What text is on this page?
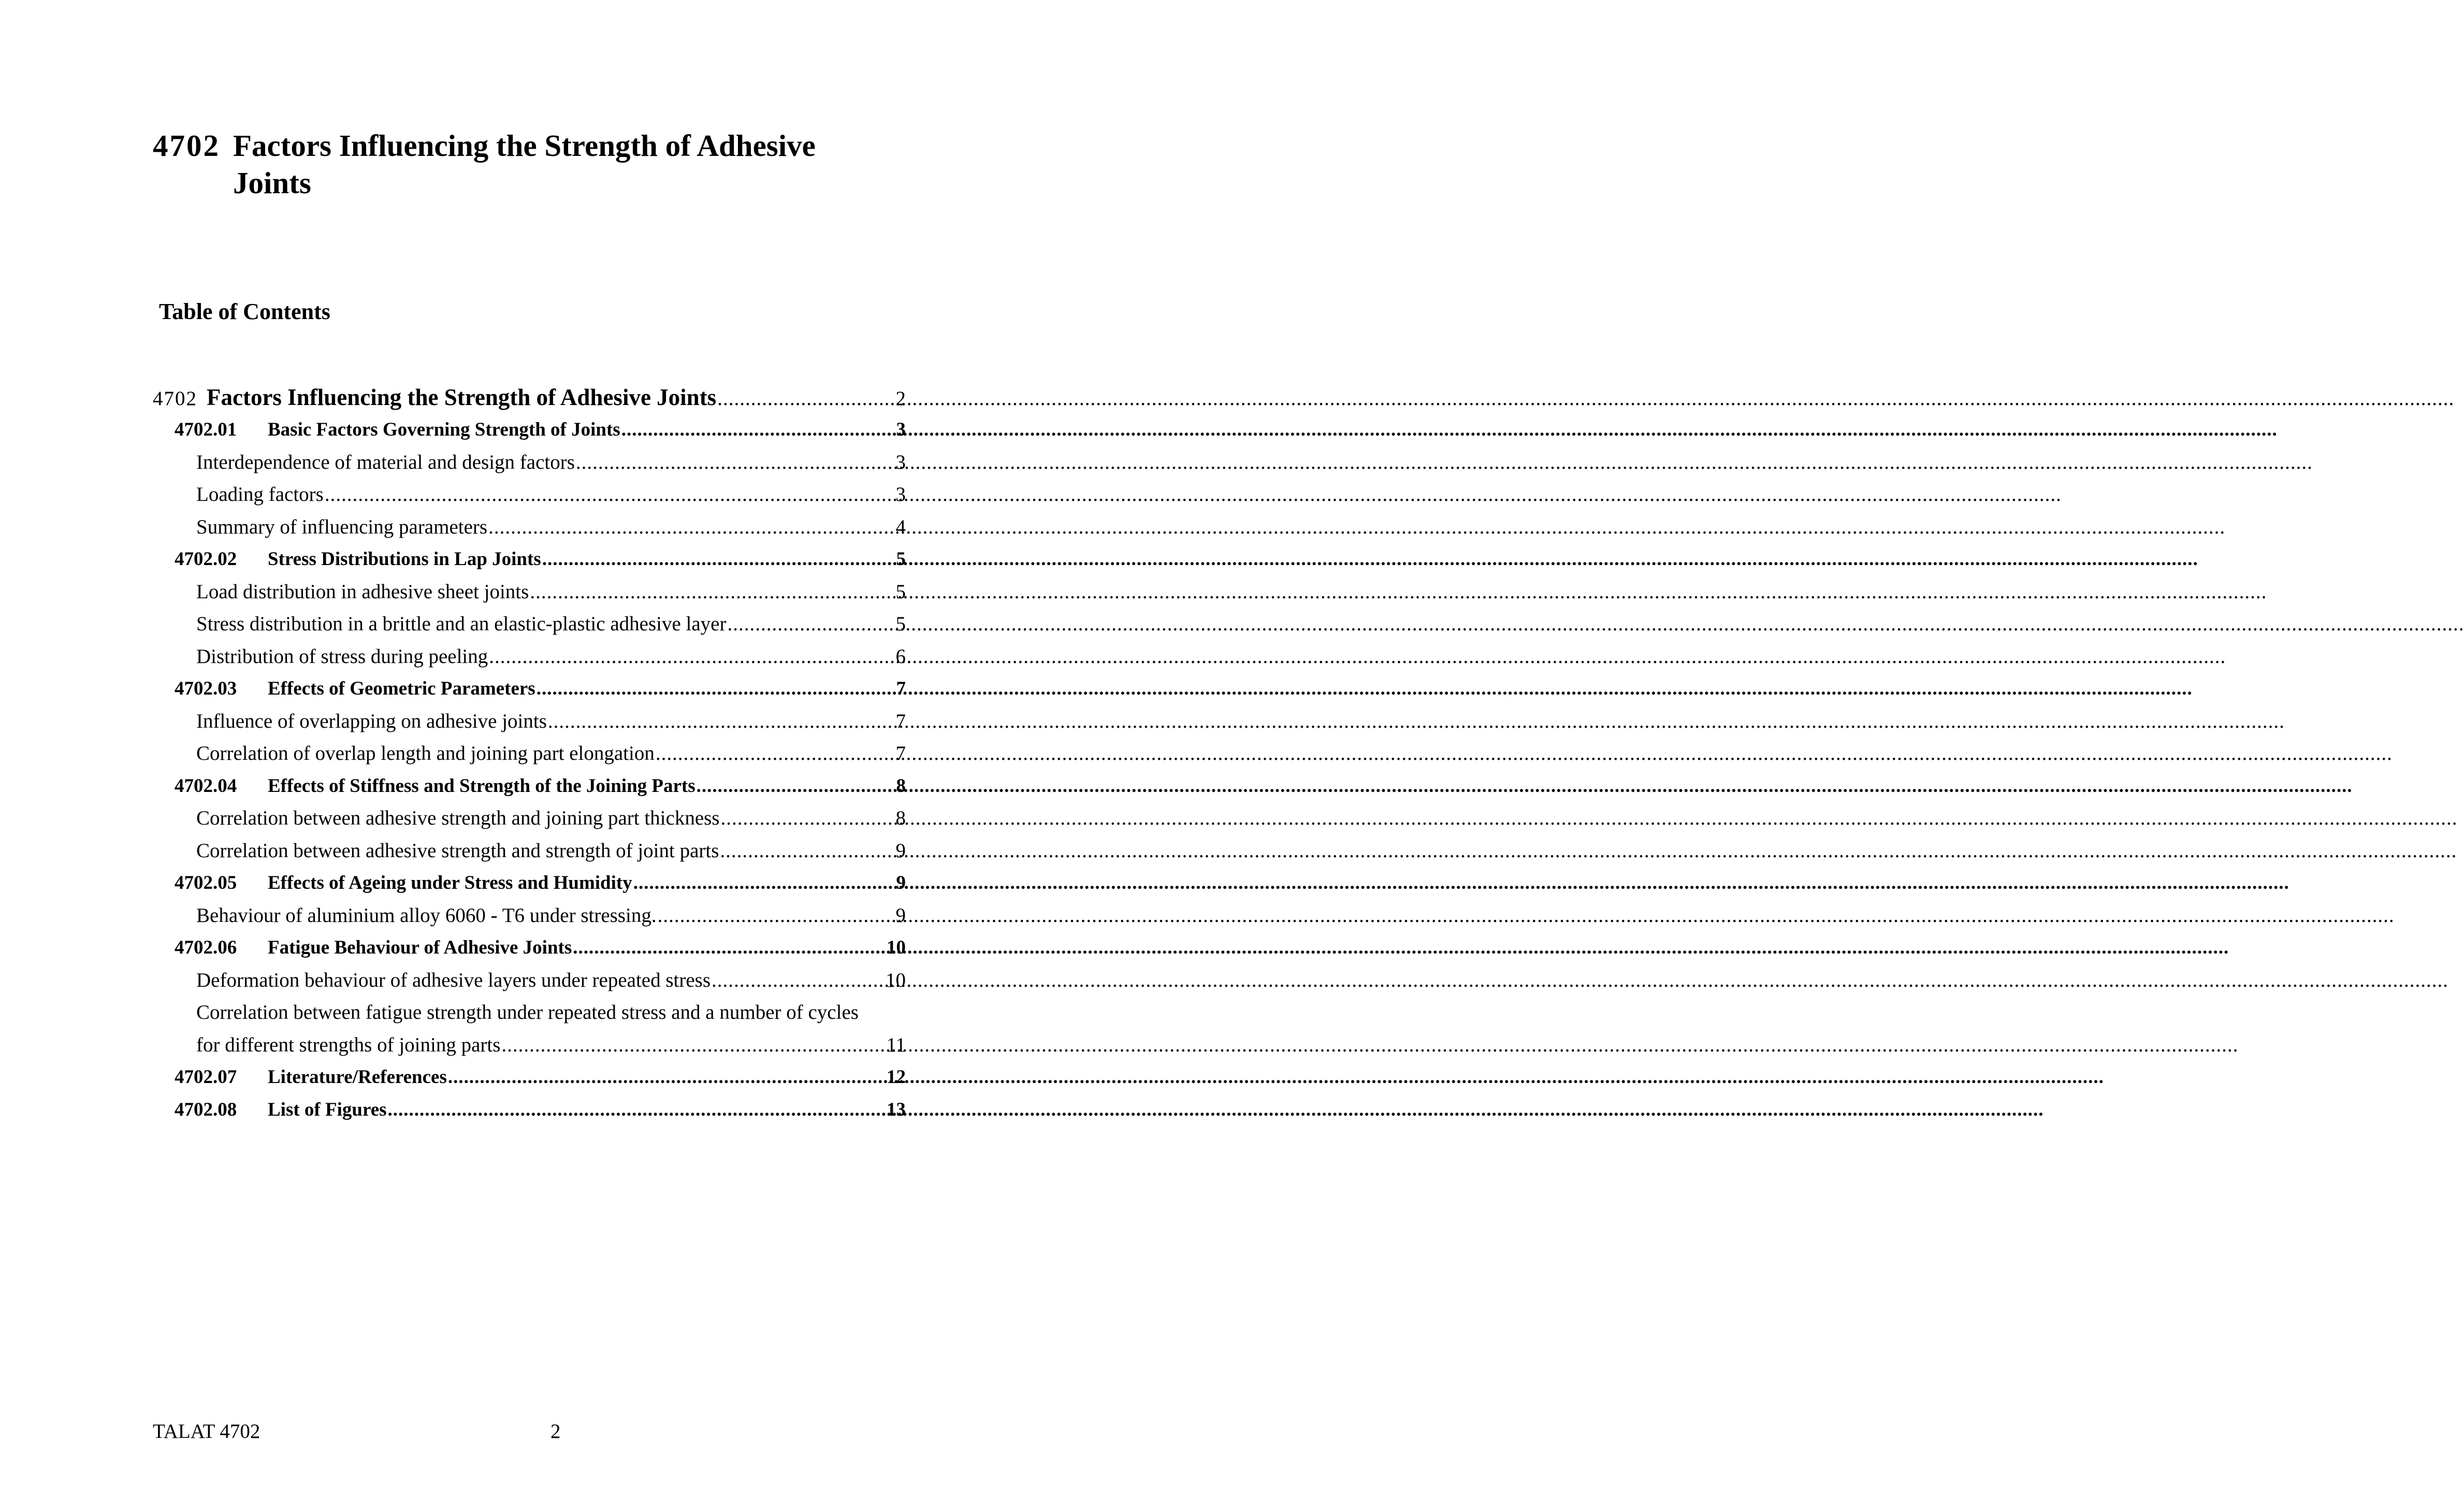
4702 Factors Influencing the Strength of Adhesive Joints
Table of Contents
4702 Factors Influencing the Strength of Adhesive Joints .....	2
4702.01 Basic Factors Governing Strength of Joints .....	3
Interdependence of material and design factors .....	3
Loading factors .....	3
Summary of influencing parameters .....	4
4702.02 Stress Distributions in Lap Joints .....	5
Load distribution in adhesive sheet joints .....	5
Stress distribution in a brittle and an elastic-plastic adhesive layer .....	5
Distribution of stress during peeling .....	6
4702.03 Effects of Geometric Parameters .....	7
Influence of overlapping on adhesive joints .....	7
Correlation of overlap length and joining part elongation .....	7
4702.04 Effects of Stiffness and Strength of the Joining Parts .....	8
Correlation between adhesive strength and joining part thickness .....	8
Correlation between adhesive strength and strength of joint parts .....	9
4702.05 Effects of Ageing under Stress and Humidity .....	9
Behaviour of aluminium alloy 6060 - T6 under stressing. .....	9
4702.06 Fatigue Behaviour of Adhesive Joints .....	10
Deformation behaviour of adhesive layers under repeated stress .....	10
Correlation between fatigue strength under repeated stress and a number of cycles
for different strengths of joining parts .....	11
4702.07 Literature/References .....	12
4702.08 List of Figures .....	13
TALAT 4702	2
